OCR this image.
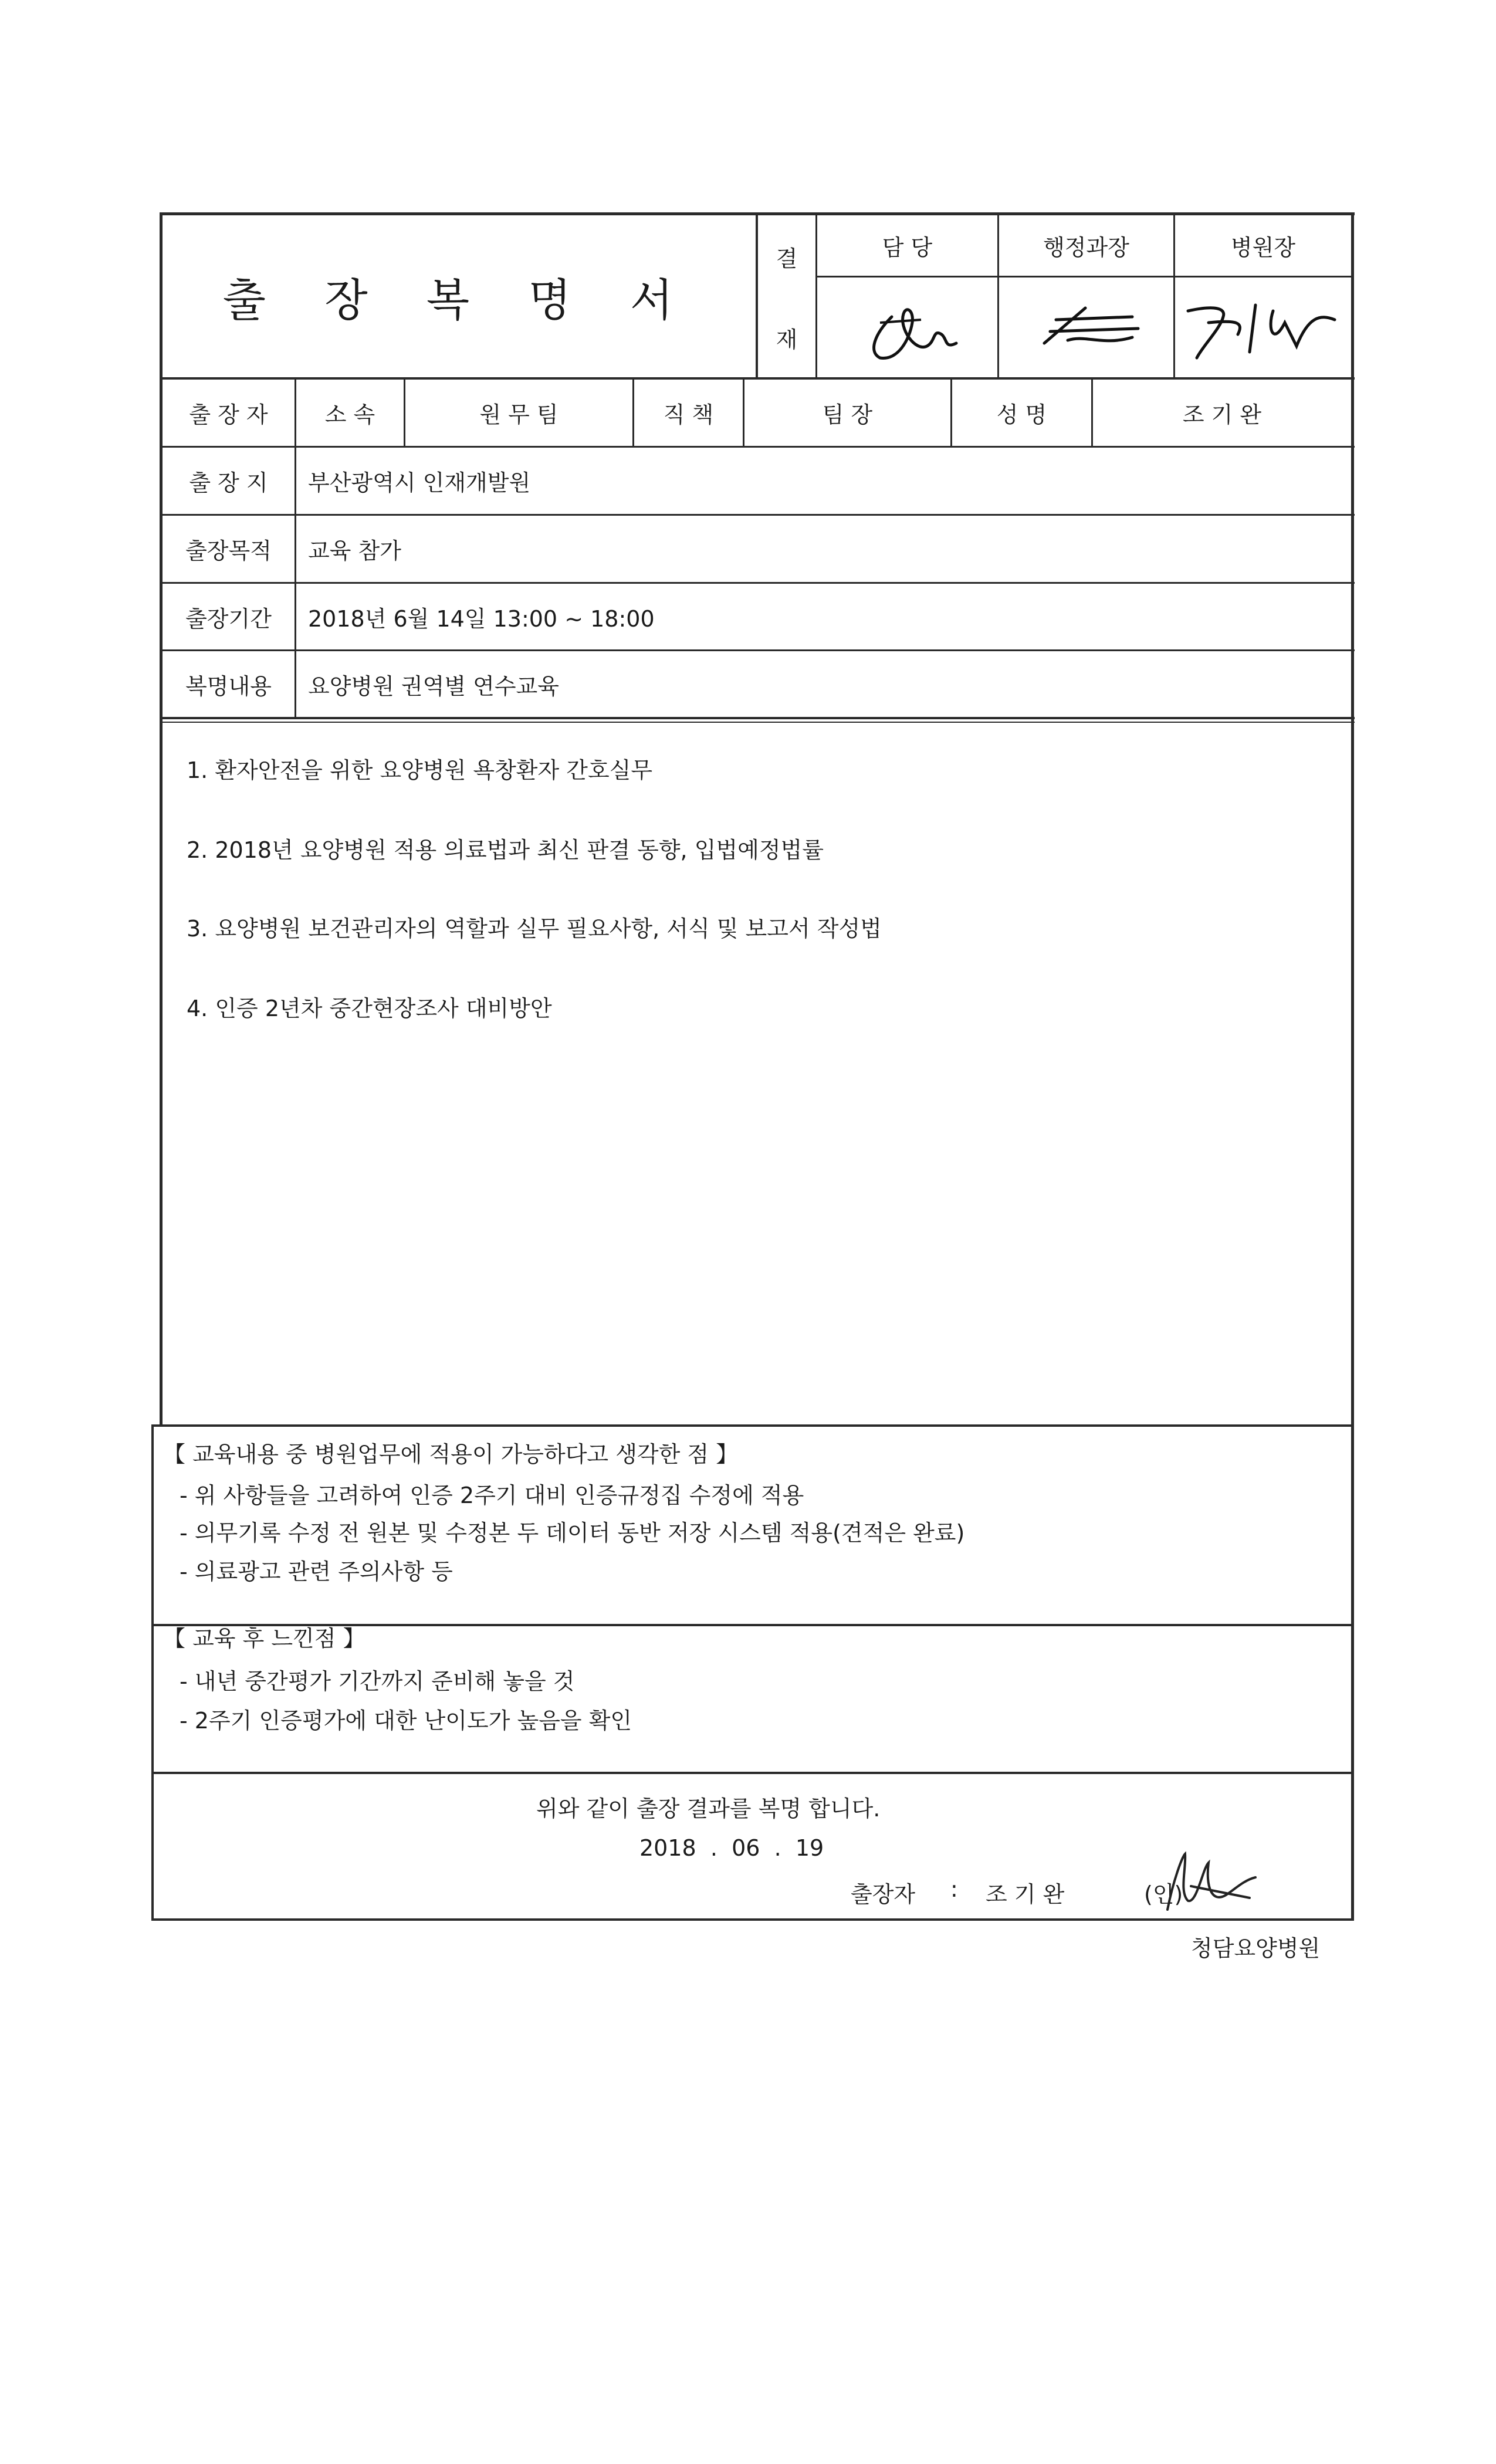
출 장 복 명 서
결
재
담 당	행정과장	병원장
출 장 자	소 속	원 무 팀	직 책	팀 장	성 명	조 기 완
출 장 지	부산광역시 인재개발원
출장목적	교육 참가
출장기간	2018년 6월 14일 13:00 ~ 18:00
복명내용	요양병원 권역별 연수교육
1. 환자안전을 위한 요양병원 욕창환자 간호실무
2. 2018년 요양병원 적용 의료법과 최신 판결 동향, 입법예정법률
3. 요양병원 보건관리자의 역할과 실무 필요사항, 서식 및 보고서 작성법
4. 인증 2년차 중간현장조사 대비방안
【 교육내용 중 병원업무에 적용이 가능하다고 생각한 점 】
- 위 사항들을 고려하여 인증 2주기 대비 인증규정집 수정에 적용
- 의무기록 수정 전 원본 및 수정본 두 데이터 동반 저장 시스템 적용(견적은 완료)
- 의료광고 관련 주의사항 등
【 교육 후 느낀점 】
- 내년 중간평가 기간까지 준비해 놓을 것
- 2주기 인증평가에 대한 난이도가 높음을 확인
위와 같이 출장 결과를 복명 합니다.
2018  .  06  .  19
출장자 : 조 기 완	(인)
청담요양병원
